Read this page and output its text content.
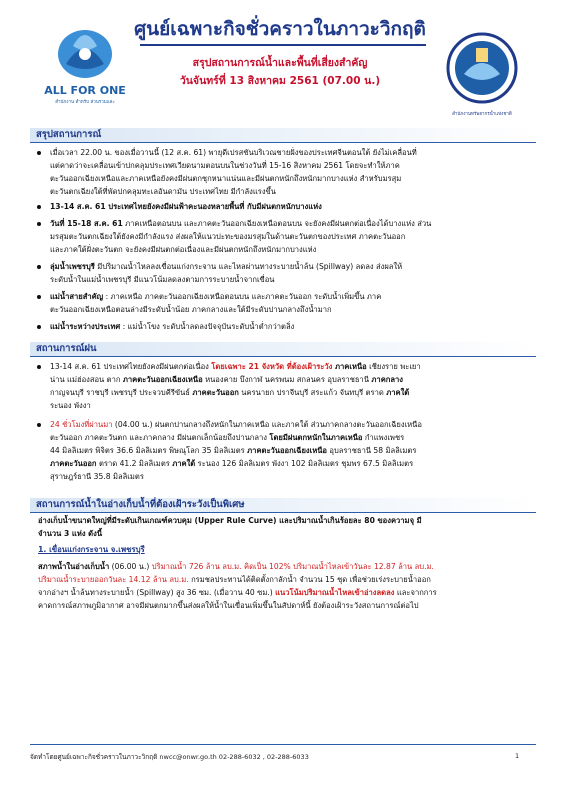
ALL FOR ONE
สำนักงาน สำหรับ ส่วนรวมและ
ศูนย์เฉพาะกิจชั่วคราวในภาวะวิกฤติ
สรุปสถานการณ์น้ำและพื้นที่เสี่ยงสำคัญ
วันจันทร์ที่ 13 สิงหาคม 2561 (07.00 น.)
สำนักงานทรัพยากรน้ำแห่งชาติ
สรุปสถานการณ์
เมื่อเวลา 22.00 น. ของเมื่อวานนี้ (12 ส.ค. 61) พายุดีเปรสชันบริเวณชายฝั่งของประเทศจีนตอนใต้ ยังไม่เคลื่อนที่
แต่คาดว่าจะเคลื่อนเข้าปกคลุมประเทศเวียดนามตอนบนในช่วงวันที่ 15-16 สิงหาคม 2561 โดยจะทำให้ภาค
ตะวันออกเฉียงเหนือและภาคเหนือยังคงมีฝนตกชุกหนาแน่นและมีฝนตกหนักถึงหนักมากบางแห่ง สำหรับมรสุม
ตะวันตกเฉียงใต้ที่พัดปกคลุมทะเลอันดามัน ประเทศไทย มีกำลังแรงขึ้น
13-14 ส.ค. 61 ประเทศไทยยังคงมีฝนฟ้าคะนองหลายพื้นที่ กับมีฝนตกหนักบางแห่ง
วันที่ 15-18 ส.ค. 61 ภาคเหนือตอนบน และภาคตะวันออกเฉียงเหนือตอนบน จะยังคงมีฝนตกต่อเนื่องได้บางแห่ง ส่วน
มรสุมตะวันตกเฉียงใต้ยังคงมีกำลังแรง ส่งผลให้แนวปะทะของมรสุมในด้านตะวันตกของประเทศ ภาคตะวันออก
และภาคใต้ฝั่งตะวันตก จะยังคงมีฝนตกต่อเนื่องและมีฝนตกหนักถึงหนักมากบางแห่ง
ลุ่มน้ำเพชรบุรี มีปริมาณน้ำไหลลงเขื่อนแก่งกระจาน และไหลผ่านทางระบายน้ำล้น (Spillway) ลดลง ส่งผลให้
ระดับน้ำในแม่น้ำเพชรบุรี มีแนวโน้มลดลงตามการระบายน้ำจากเขื่อน
แม่น้ำสายสำคัญ : ภาคเหนือ ภาคตะวันออกเฉียงเหนือตอนบน และภาคตะวันออก ระดับน้ำเพิ่มขึ้น ภาค
ตะวันออกเฉียงเหนือตอนล่างมีระดับน้ำน้อย ภาคกลางและใต้มีระดับปานกลางถึงน้ำมาก
แม่น้ำระหว่างประเทศ : แม่น้ำโขง ระดับน้ำลดลงปัจจุบันระดับน้ำต่ำกว่าตลิ่ง
สถานการณ์ฝน
13-14 ส.ค. 61 ประเทศไทยยังคงมีฝนตกต่อเนื่อง โดยเฉพาะ 21 จังหวัด ที่ต้องเฝ้าระวัง ภาคเหนือ เชียงราย พะเยา
น่าน แม่ฮ่องสอน ตาก ภาคตะวันออกเฉียงเหนือ หนองคาย บึงกาฬ นครพนม สกลนคร อุบลราชธานี ภาคกลาง
กาญจนบุรี ราชบุรี เพชรบุรี ประจวบคีรีขันธ์ ภาคตะวันออก นครนายก ปราจีนบุรี สระแก้ว จันทบุรี ตราด ภาคใต้
ระนอง พังงา
24 ชั่วโมงที่ผ่านมา (04.00 น.) ฝนตกปานกลางถึงหนักในภาคเหนือ และภาคใต้ ส่วนภาคกลางตะวันออกเฉียงเหนือ
ตะวันออก ภาคตะวันตก และภาคกลาง มีฝนตกเล็กน้อยถึงปานกลาง โดยมีฝนตกหนักในภาคเหนือ กำแพงเพชร
44 มิลลิเมตร พิจิตร 36.6 มิลลิเมตร พิษณุโลก 35 มิลลิเมตร ภาคตะวันออกเฉียงเหนือ อุบลราชธานี 58 มิลลิเมตร
ภาคตะวันออก ตราด 41.2 มิลลิเมตร ภาคใต้ ระนอง 126 มิลลิเมตร พังงา 102 มิลลิเมตร ชุมพร 67.5 มิลลิเมตร
สุราษฎร์ธานี 35.8 มิลลิเมตร
สถานการณ์น้ำในอ่างเก็บน้ำที่ต้องเฝ้าระวังเป็นพิเศษ
อ่างเก็บน้ำขนาดใหญ่ที่มีระดับเกินเกณฑ์ควบคุม (Upper Rule Curve) และปริมาณน้ำเกินร้อยละ 80 ของความจุ มี
จำนวน 3 แห่ง ดังนี้
1. เขื่อนแก่งกระจาน จ.เพชรบุรี
สภาพน้ำในอ่างเก็บน้ำ (06.00 น.) ปริมาณน้ำ 726 ล้าน ลบ.ม. คิดเป็น 102% ปริมาณน้ำไหลเข้าวันละ 12.87 ล้าน ลบ.ม.
ปริมาณน้ำระบายออกวันละ 14.12 ล้าน ลบ.ม. กรมชลประทานได้ติดตั้งกาลักน้ำ จำนวน 15 ชุด เพื่อช่วยเร่งระบายน้ำออก
จากอ่างฯ น้ำล้นทางระบายน้ำ (Spillway) สูง 36 ซม. (เมื่อวาน 40 ซม.) แนวโน้มปริมาณน้ำไหลเข้าอ่างลดลง และจากการ
คาดการณ์สภาพภูมิอากาศ อาจมีฝนตกมากขึ้นส่งผลให้น้ำในเขื่อนเพิ่มขึ้นในสัปดาห์นี้ ยังต้องเฝ้าระวังสถานการณ์ต่อไป
จัดทำโดยศูนย์เฉพาะกิจชั่วคราวในภาวะวิกฤติ nwcc@onwr.go.th 02-288-6032 , 02-288-6033	1
